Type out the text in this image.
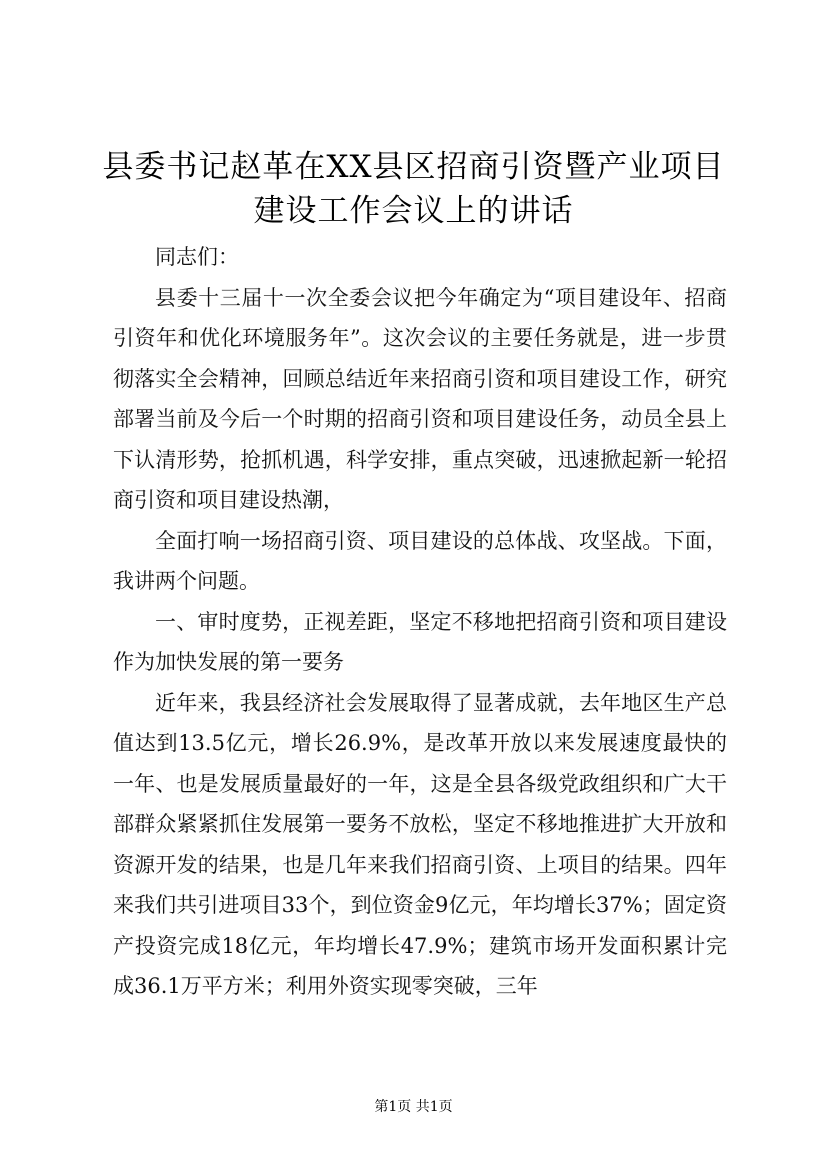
县委书记赵革在XX县区招商引资暨产业项目
建设工作会议上的讲话

同志们：

县委十三届十一次全委会议把今年确定为“项目建设年、招商引资年和优化环境服务年”。这次会议的主要任务就是，进一步贯彻落实全会精神，回顾总结近年来招商引资和项目建设工作，研究部署当前及今后一个时期的招商引资和项目建设任务，动员全县上下认清形势，抢抓机遇，科学安排，重点突破，迅速掀起新一轮招商引资和项目建设热潮，

全面打响一场招商引资、项目建设的总体战、攻坚战。下面，我讲两个问题。

一、审时度势，正视差距，坚定不移地把招商引资和项目建设作为加快发展的第一要务

近年来，我县经济社会发展取得了显著成就，去年地区生产总值达到13.5亿元，增长26.9%，是改革开放以来发展速度最快的一年、也是发展质量最好的一年，这是全县各级党政组织和广大干部群众紧紧抓住发展第一要务不放松，坚定不移地推进扩大开放和资源开发的结果，也是几年来我们招商引资、上项目的结果。四年来我们共引进项目33个，到位资金9亿元，年均增长37%；固定资产投资完成18亿元，年均增长47.9%；建筑市场开发面积累计完成36.1万平方米；利用外资实现零突破，三年

第1页 共1页
